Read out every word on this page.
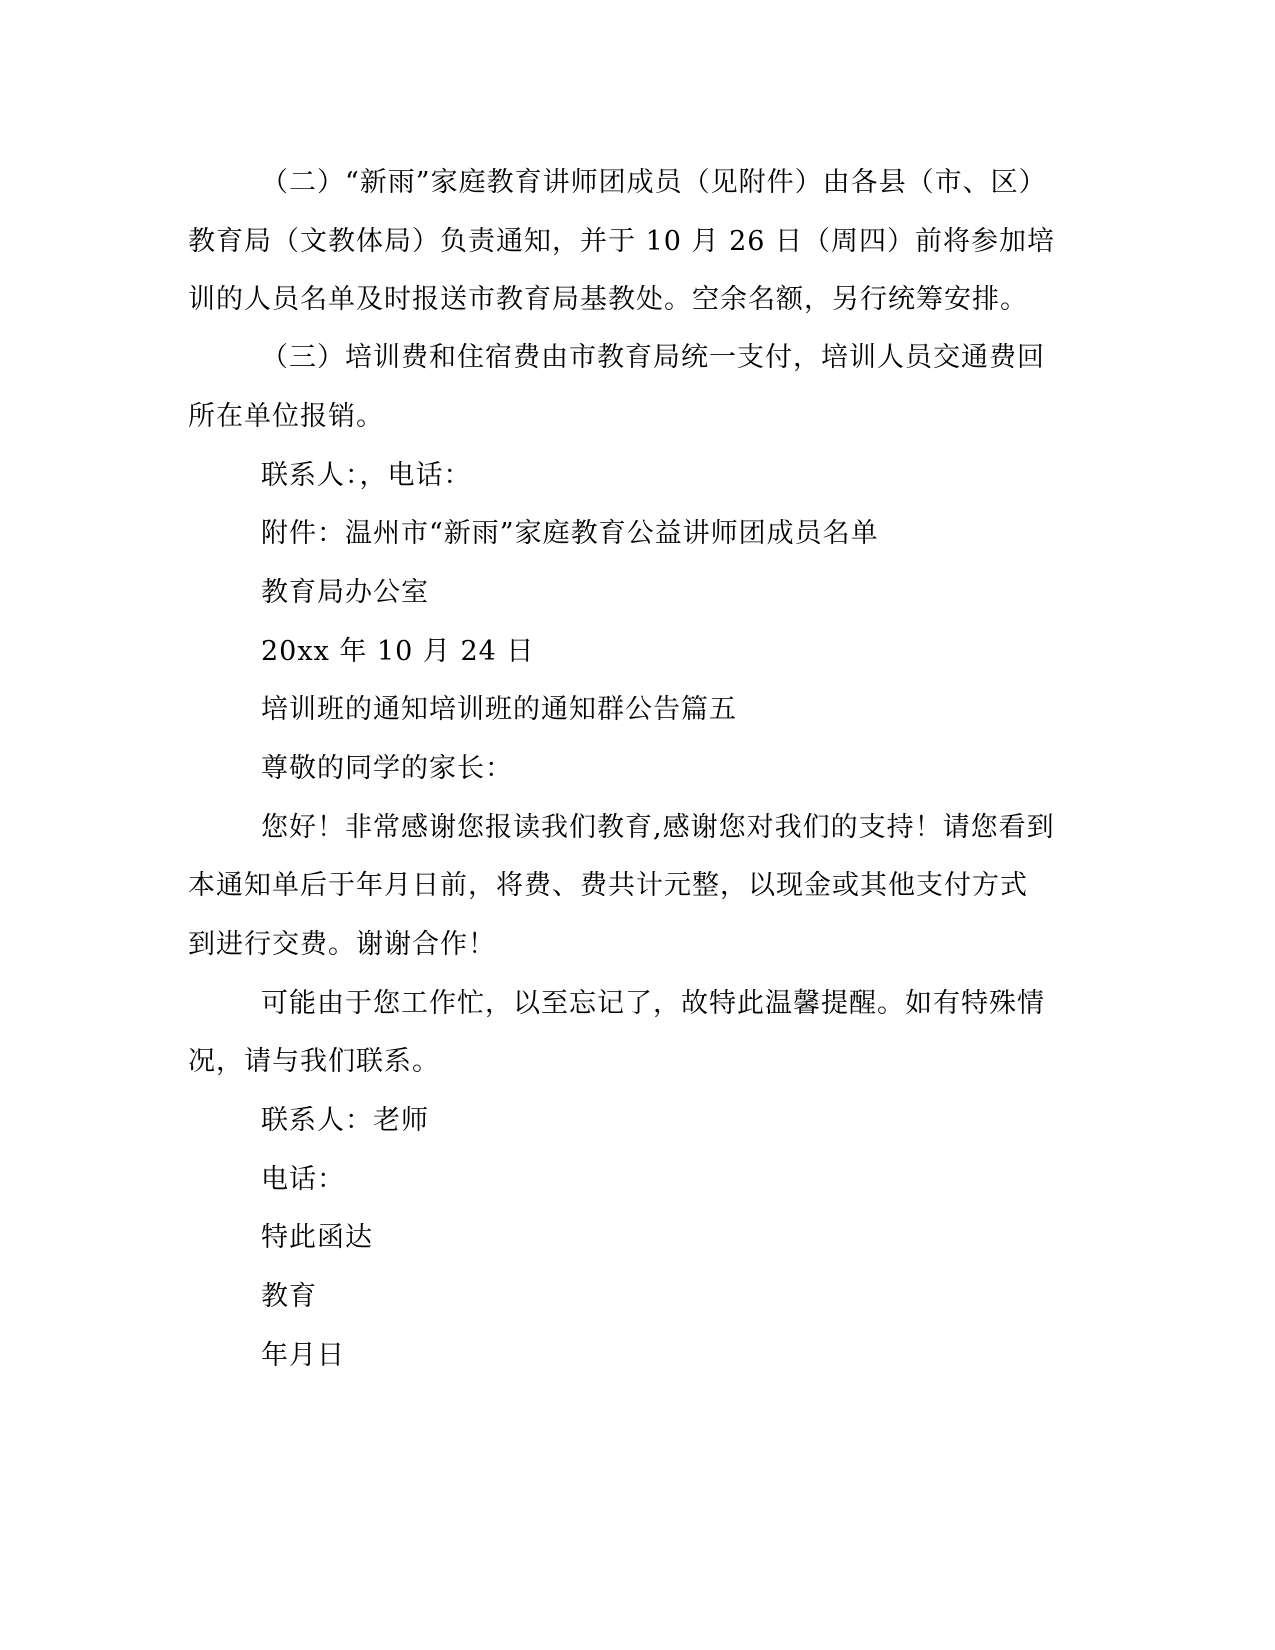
（二）“新雨”家庭教育讲师团成员（见附件）由各县（市、区）
教育局（文教体局）负责通知，并于 10 月 26 日（周四）前将参加培
训的人员名单及时报送市教育局基教处。空余名额，另行统筹安排。
（三）培训费和住宿费由市教育局统一支付，培训人员交通费回
所在单位报销。
联系人：，电话：
附件：温州市“新雨”家庭教育公益讲师团成员名单
教育局办公室
20xx 年 10 月 24 日
培训班的通知培训班的通知群公告篇五
尊敬的同学的家长：
您好！非常感谢您报读我们教育,感谢您对我们的支持！请您看到
本通知单后于年月日前，将费、费共计元整，以现金或其他支付方式
到进行交费。谢谢合作！
可能由于您工作忙，以至忘记了，故特此温馨提醒。如有特殊情
况，请与我们联系。
联系人：老师
电话：
特此函达
教育
年月日
